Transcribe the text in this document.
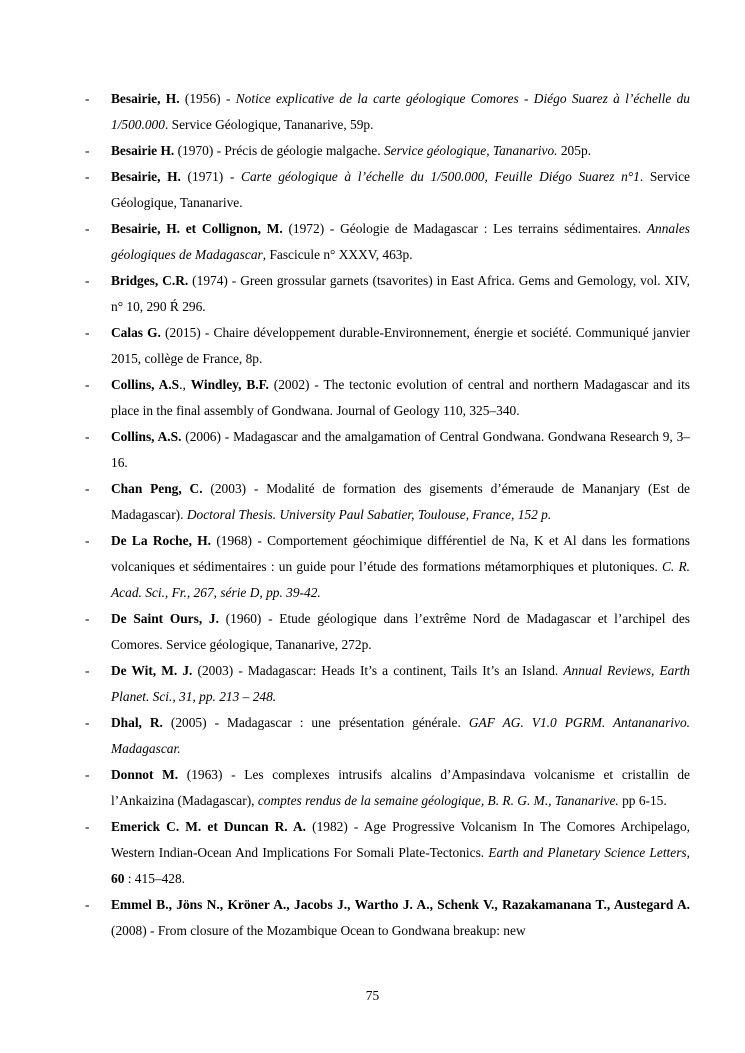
- Besairie, H. (1956) - Notice explicative de la carte géologique Comores - Diégo Suarez à l’échelle du 1/500.000. Service Géologique, Tananarive, 59p.
- Besairie H. (1970) - Précis de géologie malgache. Service géologique, Tananarivo. 205p.
- Besairie, H. (1971) - Carte géologique à l’échelle du 1/500.000, Feuille Diégo Suarez n°1. Service Géologique, Tananarive.
- Besairie, H. et Collignon, M. (1972) - Géologie de Madagascar : Les terrains sédimentaires. Annales géologiques de Madagascar, Fascicule n° XXXV, 463p.
- Bridges, C.R. (1974) - Green grossular garnets (tsavorites) in East Africa. Gems and Gemology, vol. XIV, n° 10, 290 Ŕ 296.
- Calas G. (2015) - Chaire développement durable-Environnement, énergie et société. Communiqué janvier 2015, collège de France, 8p.
- Collins, A.S., Windley, B.F. (2002) - The tectonic evolution of central and northern Madagascar and its place in the final assembly of Gondwana. Journal of Geology 110, 325–340.
- Collins, A.S. (2006) - Madagascar and the amalgamation of Central Gondwana. Gondwana Research 9, 3–16.
- Chan Peng, C. (2003) - Modalité de formation des gisements d’émeraude de Mananjary (Est de Madagascar). Doctoral Thesis. University Paul Sabatier, Toulouse, France, 152 p.
- De La Roche, H. (1968) - Comportement géochimique différentiel de Na, K et Al dans les formations volcaniques et sédimentaires : un guide pour l’étude des formations métamorphiques et plutoniques. C. R. Acad. Sci., Fr., 267, série D, pp. 39-42.
- De Saint Ours, J. (1960) - Etude géologique dans l’extrême Nord de Madagascar et l’archipel des Comores. Service géologique, Tananarive, 272p.
- De Wit, M. J. (2003) - Madagascar: Heads It’s a continent, Tails It’s an Island. Annual Reviews, Earth Planet. Sci., 31, pp. 213 – 248.
- Dhal, R. (2005) - Madagascar : une présentation générale. GAF AG. V1.0 PGRM. Antananarivo. Madagascar.
- Donnot M. (1963) - Les complexes intrusifs alcalins d’Ampasindava volcanisme et cristallin de l’Ankaizina (Madagascar), comptes rendus de la semaine géologique, B. R. G. M., Tananarive. pp 6-15.
- Emerick C. M. et Duncan R. A. (1982) - Age Progressive Volcanism In The Comores Archipelago, Western Indian-Ocean And Implications For Somali Plate-Tectonics. Earth and Planetary Science Letters, 60 : 415–428.
- Emmel B., Jöns N., Kröner A., Jacobs J., Wartho J. A., Schenk V., Razakamanana T., Austegard A. (2008) - From closure of the Mozambique Ocean to Gondwana breakup: new
75
